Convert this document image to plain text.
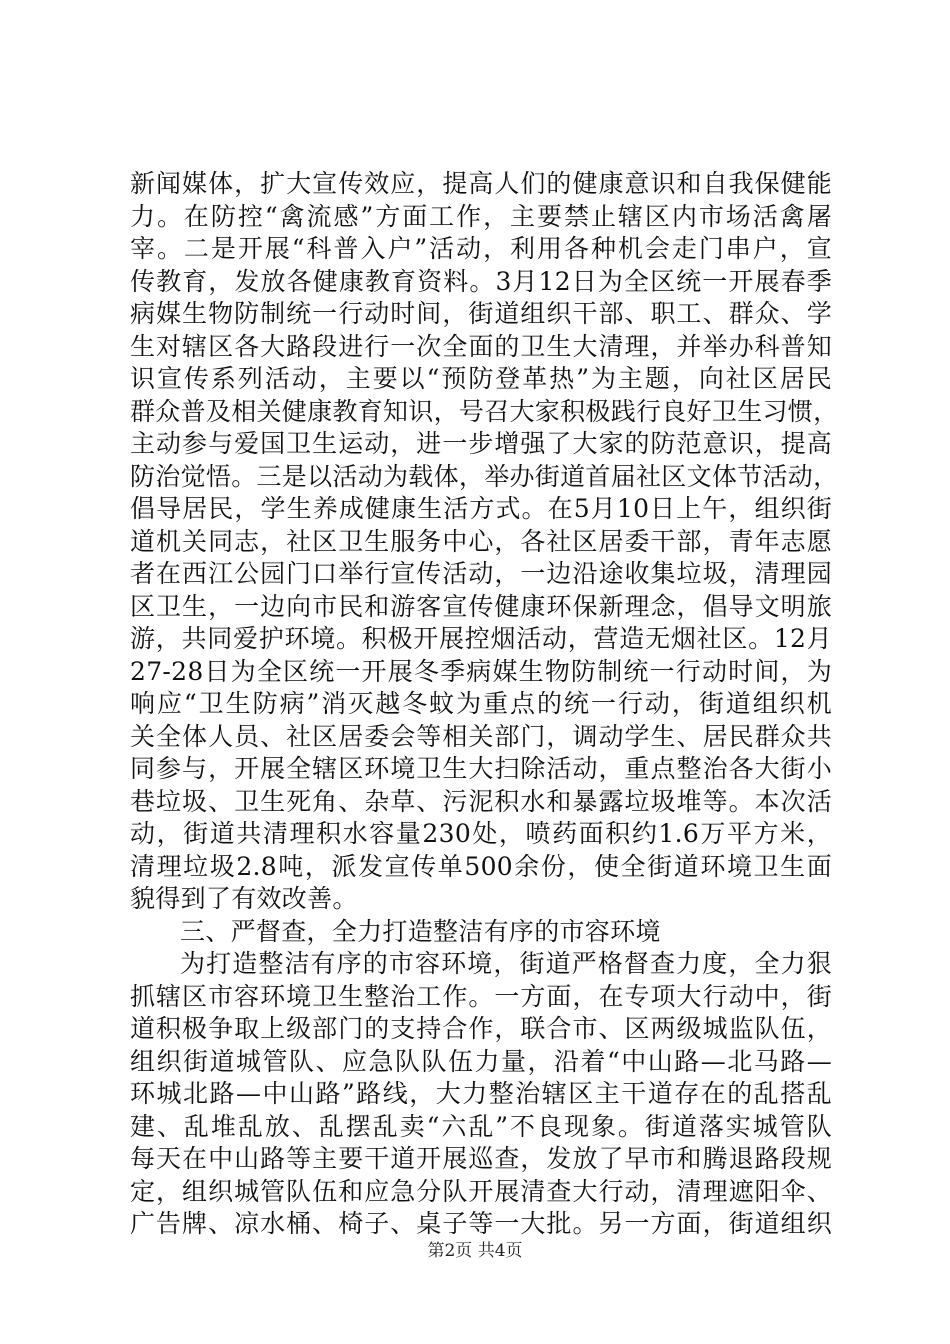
新闻媒体，扩大宣传效应，提高人们的健康意识和自我保健能
力。在防控“禽流感”方面工作，主要禁止辖区内市场活禽屠
宰。二是开展“科普入户”活动，利用各种机会走门串户，宣
传教育，发放各健康教育资料。3月12日为全区统一开展春季
病媒生物防制统一行动时间，街道组织干部、职工、群众、学
生对辖区各大路段进行一次全面的卫生大清理，并举办科普知
识宣传系列活动，主要以“预防登革热”为主题，向社区居民
群众普及相关健康教育知识，号召大家积极践行良好卫生习惯，
主动参与爱国卫生运动，进一步增强了大家的防范意识，提高
防治觉悟。三是以活动为载体，举办街道首届社区文体节活动，
倡导居民，学生养成健康生活方式。在5月10日上午，组织街
道机关同志，社区卫生服务中心，各社区居委干部，青年志愿
者在西江公园门口举行宣传活动，一边沿途收集垃圾，清理园
区卫生，一边向市民和游客宣传健康环保新理念，倡导文明旅
游，共同爱护环境。积极开展控烟活动，营造无烟社区。12月
27-28日为全区统一开展冬季病媒生物防制统一行动时间，为
响应“卫生防病”消灭越冬蚊为重点的统一行动，街道组织机
关全体人员、社区居委会等相关部门，调动学生、居民群众共
同参与，开展全辖区环境卫生大扫除活动，重点整治各大街小
巷垃圾、卫生死角、杂草、污泥积水和暴露垃圾堆等。本次活
动，街道共清理积水容量230处，喷药面积约1.6万平方米，
清理垃圾2.8吨，派发宣传单500余份，使全街道环境卫生面
貌得到了有效改善。
三、严督查，全力打造整洁有序的市容环境
为打造整洁有序的市容环境，街道严格督查力度，全力狠
抓辖区市容环境卫生整治工作。一方面，在专项大行动中，街
道积极争取上级部门的支持合作，联合市、区两级城监队伍，
组织街道城管队、应急队队伍力量，沿着“中山路—北马路—
环城北路—中山路”路线，大力整治辖区主干道存在的乱搭乱
建、乱堆乱放、乱摆乱卖“六乱”不良现象。街道落实城管队
每天在中山路等主要干道开展巡查，发放了早市和腾退路段规
定，组织城管队伍和应急分队开展清查大行动，清理遮阳伞、
广告牌、凉水桶、椅子、桌子等一大批。另一方面，街道组织
第2页 共4页
